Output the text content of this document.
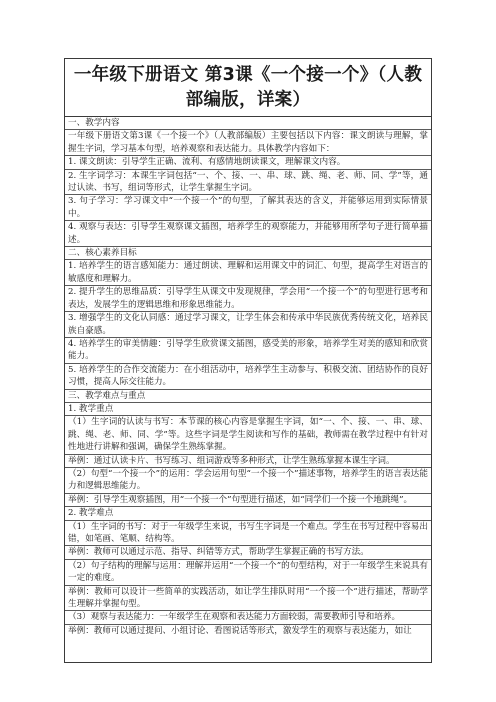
一年级下册语文 第3课《一个接一个》（人教部编版，详案）
一、教学内容
一年级下册语文第3课《一个接一个》（人教部编版）主要包括以下内容：课文朗读与理解，掌握生字词，学习基本句型，培养观察和表达能力。具体教学内容如下：
1. 课文朗读：引导学生正确、流利、有感情地朗读课文，理解课文内容。
2. 生字词学习：本课生字词包括“一、个、接、一、串、球、跳、绳、老、师、同、学”等，通过认读、书写，组词等形式，让学生掌握生字词。
3. 句子学习：学习课文中“一个接一个”的句型，了解其表达的含义，并能够运用到实际情景中。
4. 观察与表达：引导学生观察课文插图，培养学生的观察能力，并能够用所学句子进行简单描述。
二、核心素养目标
1. 培养学生的语言感知能力：通过朗读、理解和运用课文中的词汇、句型，提高学生对语言的敏感度和理解力。
2. 提升学生的思维品质：引导学生从课文中发现规律，学会用“一个接一个”的句型进行思考和表达，发展学生的逻辑思维和形象思维能力。
3. 增强学生的文化认同感：通过学习课文，让学生体会和传承中华民族优秀传统文化，培养民族自豪感。
4. 培养学生的审美情趣：引导学生欣赏课文插图，感受美的形象，培养学生对美的感知和欣赏能力。
5. 培养学生的合作交流能力：在小组活动中，培养学生主动参与、积极交流、团结协作的良好习惯，提高人际交往能力。
三、教学难点与重点
1. 教学重点
（1）生字词的认读与书写：本节课的核心内容是掌握生字词，如“一、个、接、一、串、球、跳、绳、老、师、同、学”等。这些字词是学生阅读和写作的基础，教师需在教学过程中有针对性地进行讲解和强调，确保学生熟练掌握。
举例：通过认读卡片、书写练习、组词游戏等多种形式，让学生熟练掌握本课生字词。
（2）句型“一个接一个”的运用：学会运用句型“一个接一个”描述事物，培养学生的语言表达能力和逻辑思维能力。
举例：引导学生观察插图，用“一个接一个”句型进行描述，如“同学们一个接一个地跳绳”。
2. 教学难点
（1）生字词的书写：对于一年级学生来说，书写生字词是一个难点。学生在书写过程中容易出错，如笔画、笔顺、结构等。
举例：教师可以通过示范、指导、纠错等方式，帮助学生掌握正确的书写方法。
（2）句子结构的理解与运用：理解并运用“一个接一个”的句型结构，对于一年级学生来说具有一定的难度。
举例：教师可以设计一些简单的实践活动，如让学生排队时用“一个接一个”进行描述，帮助学生理解并掌握句型。
（3）观察与表达能力：一年级学生在观察和表达能力方面较弱，需要教师引导和培养。
举例：教师可以通过提问、小组讨论、看图说话等形式，激发学生的观察与表达能力，如让
